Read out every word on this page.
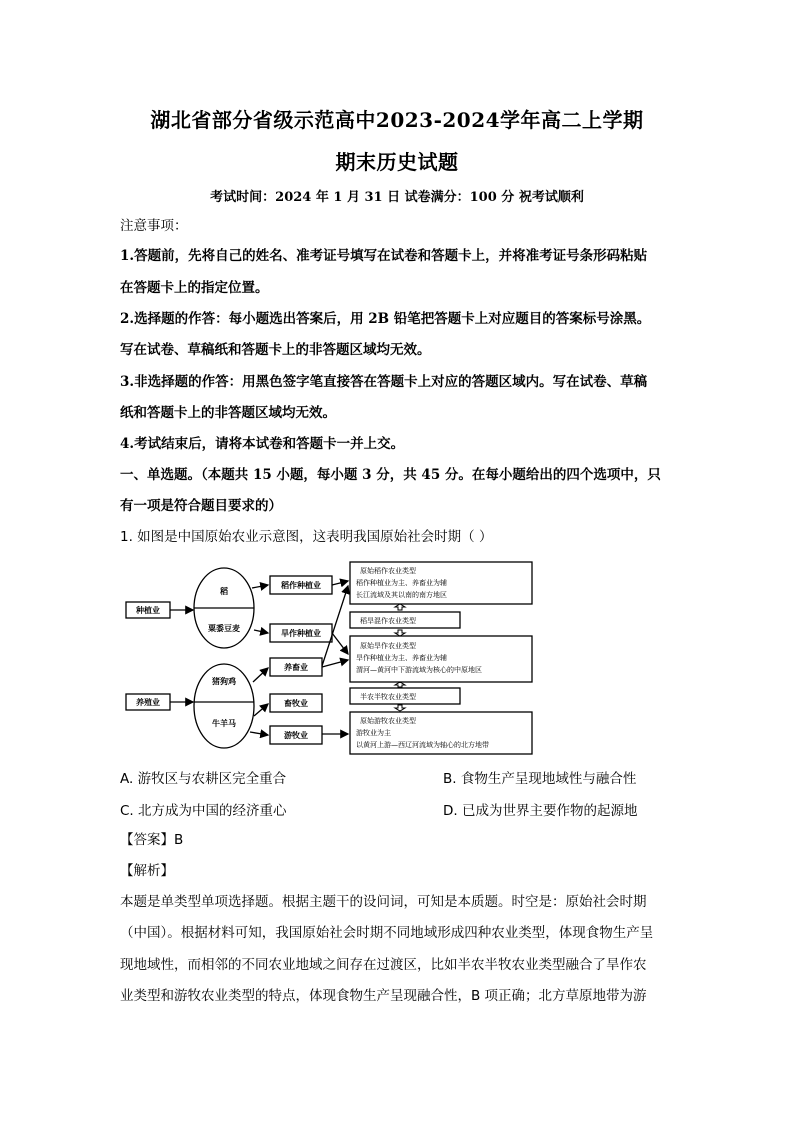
湖北省部分省级示范高中2023-2024学年高二上学期
期末历史试题
考试时间：2024 年 1 月 31 日 试卷满分：100 分 祝考试顺利
注意事项：
1.答题前，先将自己的姓名、准考证号填写在试卷和答题卡上，并将准考证号条形码粘贴
在答题卡上的指定位置。
2.选择题的作答：每小题选出答案后，用 2B 铅笔把答题卡上对应题目的答案标号涂黑。
写在试卷、草稿纸和答题卡上的非答题区域均无效。
3.非选择题的作答：用黑色签字笔直接答在答题卡上对应的答题区域内。写在试卷、草稿
纸和答题卡上的非答题区域均无效。
4.考试结束后，请将本试卷和答题卡一并上交。
一、单选题。（本题共 15 小题，每小题 3 分，共 45 分。在每小题给出的四个选项中，只
有一项是符合题目要求的）
1. 如图是中国原始农业示意图，这表明我国原始社会时期（ ）
种植业
养殖业
稻
粟黍豆麦
猪狗鸡
牛羊马
稻作种植业
旱作种植业
养畜业
畜牧业
游牧业
原始稻作农业类型
稻作种植业为主、养畜业为辅
长江流域及其以南的南方地区
稻旱混作农业类型
原始旱作农业类型
旱作种植业为主、养畜业为辅
渭河—黄河中下游流域为核心的中原地区
半农半牧农业类型
原始游牧农业类型
游牧业为主
以黄河上游—西辽河流域为轴心的北方地带
A. 游牧区与农耕区完全重合	B. 食物生产呈现地域性与融合性
C. 北方成为中国的经济重心	D. 已成为世界主要作物的起源地
【答案】B
【解析】
本题是单类型单项选择题。根据主题干的设问词，可知是本质题。时空是：原始社会时期
（中国）。根据材料可知，我国原始社会时期不同地域形成四种农业类型，体现食物生产呈
现地域性，而相邻的不同农业地域之间存在过渡区，比如半农半牧农业类型融合了旱作农
业类型和游牧农业类型的特点，体现食物生产呈现融合性，B 项正确；北方草原地带为游
